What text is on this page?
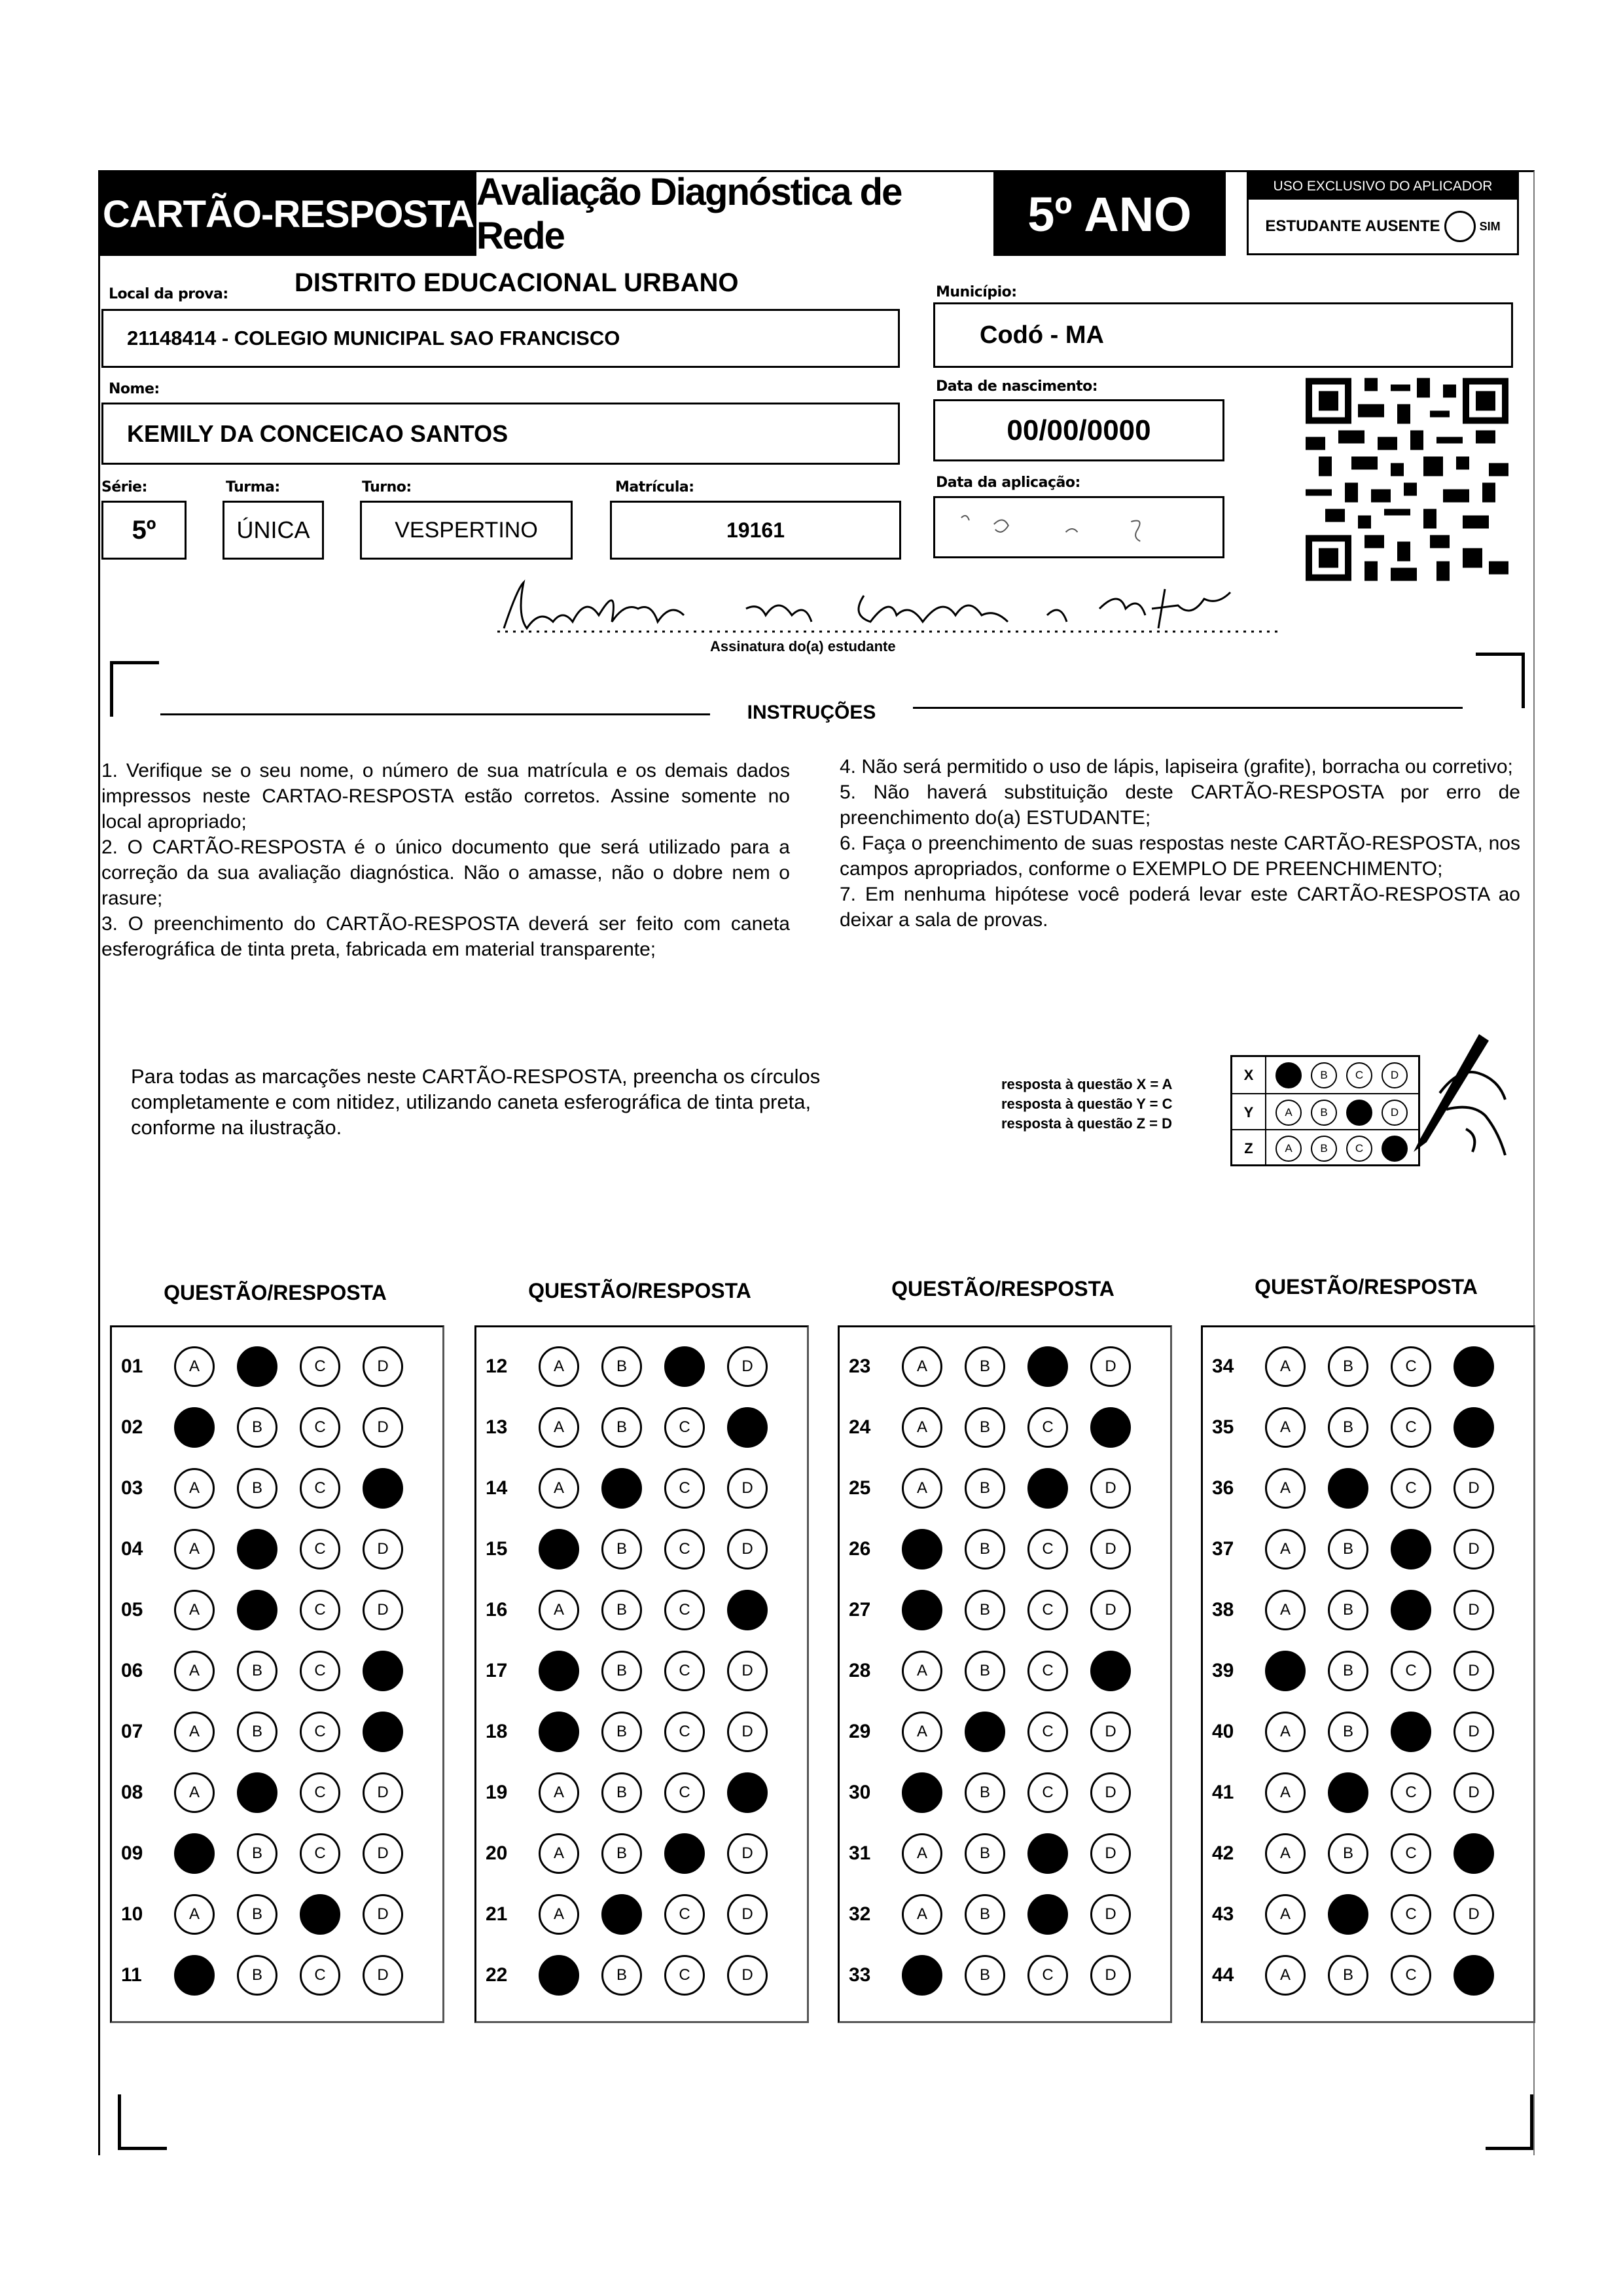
CARTÃO-RESPOSTA
Avaliação Diagnóstica de Rede	5º ANO
USO EXCLUSIVO DO APLICADOR
ESTUDANTE AUSENTE	SIM
Local da prova:	DISTRITO EDUCACIONAL URBANO
21148414 - COLEGIO MUNICIPAL SAO FRANCISCO
Município:
Codó - MA
Nome:
KEMILY DA CONCEICAO SANTOS
Data de nascimento:
00/00/0000
Série:	Turma:	Turno:	Matrícula:	Data da aplicação:
5º	ÚNICA	VESPERTINO	19161
Assinatura do(a) estudante
INSTRUÇÕES

1. Verifique se o seu nome, o número de sua matrícula e os demais dados impressos neste CARTAO-RESPOSTA estão corretos. Assine somente no local apropriado;

2. O CARTÃO-RESPOSTA é o único documento que será utilizado para a correção da sua avaliação diagnóstica. Não o amasse, não o dobre nem o rasure;

3. O preenchimento do CARTÃO-RESPOSTA deverá ser feito com caneta esferográfica de tinta preta, fabricada em material transparente;

4. Não será permitido o uso de lápis, lapiseira (grafite), borracha ou corretivo;

5. Não haverá substituição deste CARTÃO-RESPOSTA por erro de preenchimento do(a) ESTUDANTE;

6. Faça o preenchimento de suas respostas neste CARTÃO-RESPOSTA, nos campos apropriados, conforme o EXEMPLO DE PREENCHIMENTO;

7. Em nenhuma hipótese você poderá levar este CARTÃO-RESPOSTA ao deixar a sala de provas.

Para todas as marcações neste CARTÃO-RESPOSTA, preencha os círculos completamente e com nitidez, utilizando caneta esferográfica de tinta preta, conforme na ilustração.
resposta à questão X = A
resposta à questão Y = C
resposta à questão Z = D
X	A	B	C	D
Y	A	B	C	D
Z	A	B	C	D
QUESTÃO/RESPOSTA
01	A	B	C	D
02	A	B	C	D
03	A	B	C	D
04	A	B	C	D
05	A	B	C	D
06	A	B	C	D
07	A	B	C	D
08	A	B	C	D
09	A	B	C	D
10	A	B	C	D
11	A	B	C	D
QUESTÃO/RESPOSTA
12	A	B	C	D
13	A	B	C	D
14	A	B	C	D
15	A	B	C	D
16	A	B	C	D
17	A	B	C	D
18	A	B	C	D
19	A	B	C	D
20	A	B	C	D
21	A	B	C	D
22	A	B	C	D
QUESTÃO/RESPOSTA
23	A	B	C	D
24	A	B	C	D
25	A	B	C	D
26	A	B	C	D
27	A	B	C	D
28	A	B	C	D
29	A	B	C	D
30	A	B	C	D
31	A	B	C	D
32	A	B	C	D
33	A	B	C	D
QUESTÃO/RESPOSTA
34	A	B	C	D
35	A	B	C	D
36	A	B	C	D
37	A	B	C	D
38	A	B	C	D
39	A	B	C	D
40	A	B	C	D
41	A	B	C	D
42	A	B	C	D
43	A	B	C	D
44	A	B	C	D
